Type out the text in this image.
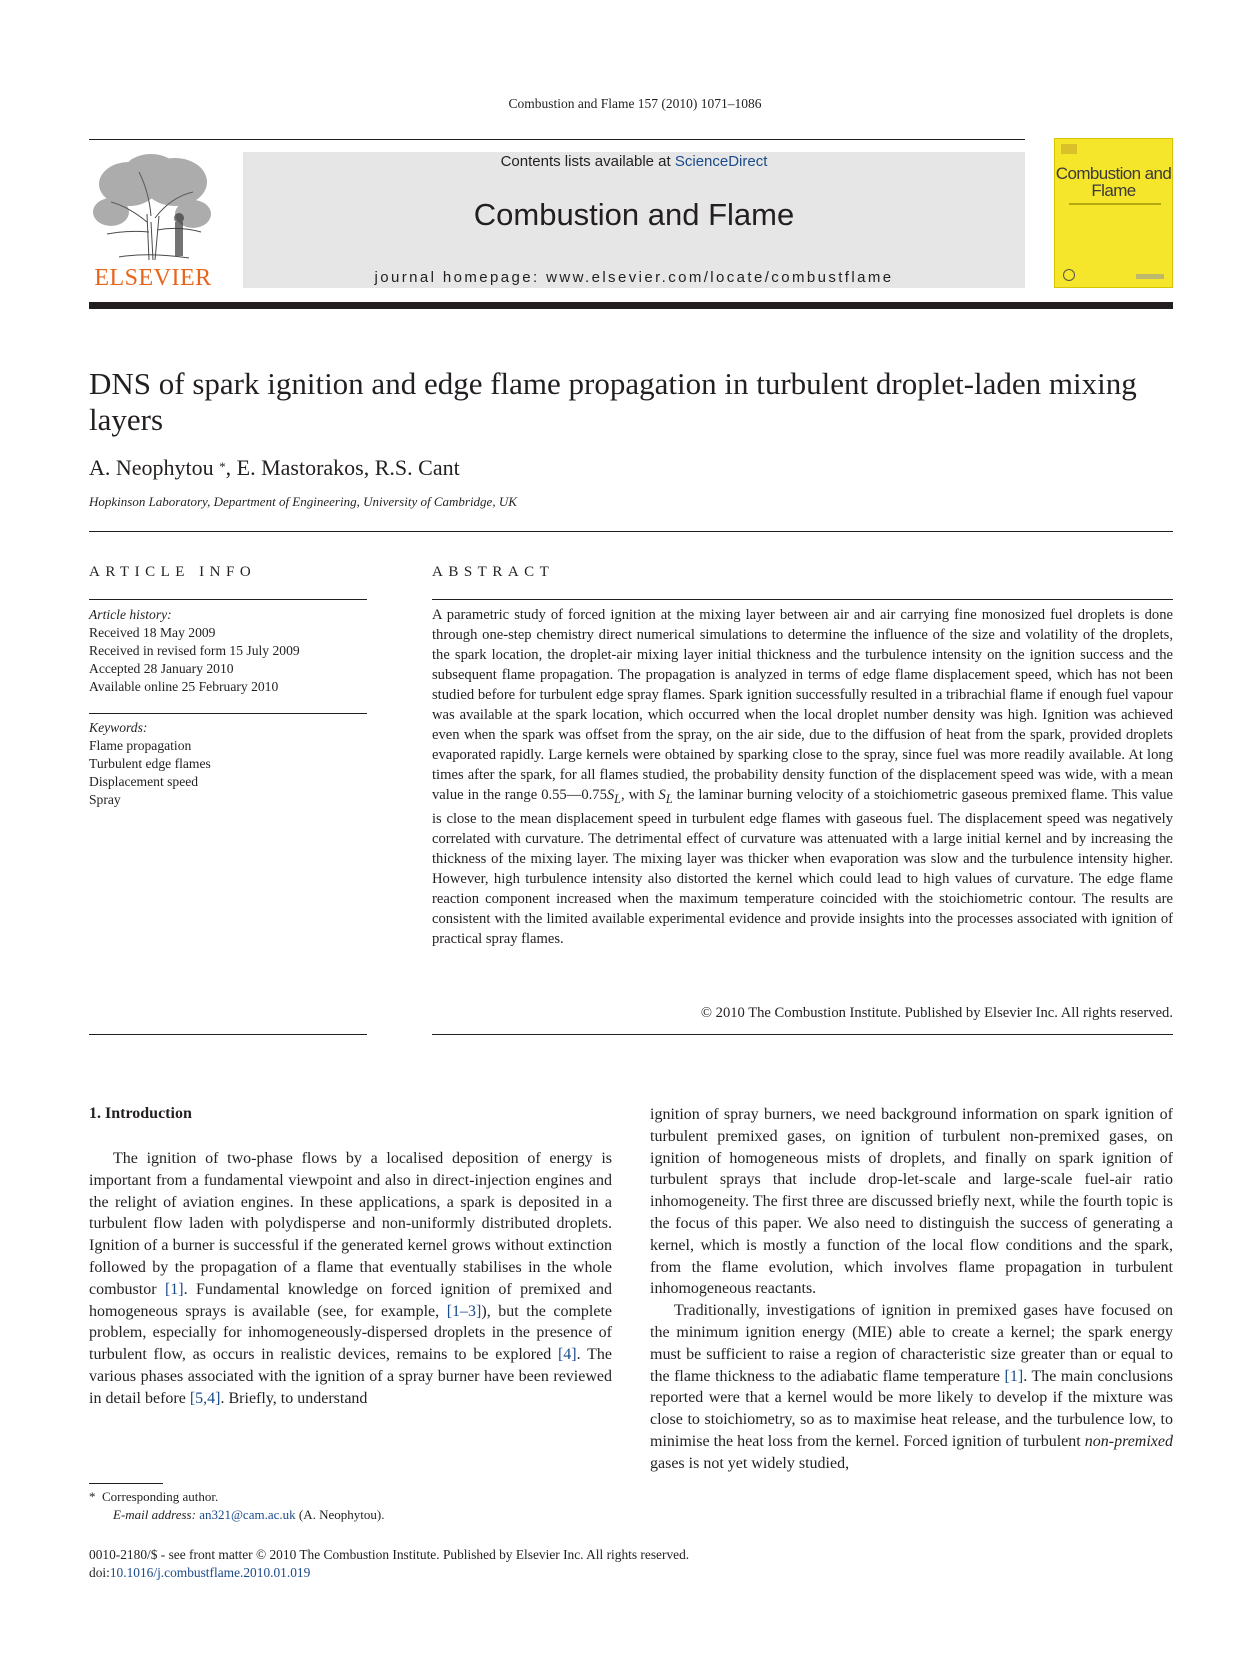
Combustion and Flame 157 (2010) 1071–1086
ELSEVIER
Contents lists available at ScienceDirect
Combustion and Flame
journal homepage: www.elsevier.com/locate/combustflame
Combustion and Flame
DNS of spark ignition and edge flame propagation in turbulent droplet-laden mixing layers
A. Neophytou *, E. Mastorakos, R.S. Cant
Hopkinson Laboratory, Department of Engineering, University of Cambridge, UK
ARTICLE INFO	ABSTRACT
Article history:
Received 18 May 2009
Received in revised form 15 July 2009
Accepted 28 January 2010
Available online 25 February 2010
Keywords:
Flame propagation
Turbulent edge flames
Displacement speed
Spray

A parametric study of forced ignition at the mixing layer between air and air carrying fine monosized fuel droplets is done through one-step chemistry direct numerical simulations to determine the influence of the size and volatility of the droplets, the spark location, the droplet-air mixing layer initial thickness and the turbulence intensity on the ignition success and the subsequent flame propagation. The propagation is analyzed in terms of edge flame displacement speed, which has not been studied before for turbulent edge spray flames. Spark ignition successfully resulted in a tribrachial flame if enough fuel vapour was available at the spark location, which occurred when the local droplet number density was high. Ignition was achieved even when the spark was offset from the spray, on the air side, due to the diffusion of heat from the spark, provided droplets evaporated rapidly. Large kernels were obtained by sparking close to the spray, since fuel was more readily available. At long times after the spark, for all flames studied, the probability density function of the displacement speed was wide, with a mean value in the range $0.55—0.75S_L$, with $S_L$ the laminar burning velocity of a stoichiometric gaseous premixed flame. This value is close to the mean displacement speed in turbulent edge flames with gaseous fuel. The displacement speed was negatively correlated with curvature. The detrimental effect of curvature was attenuated with a large initial kernel and by increasing the thickness of the mixing layer. The mixing layer was thicker when evaporation was slow and the turbulence intensity higher. However, high turbulence intensity also distorted the kernel which could lead to high values of curvature. The edge flame reaction component increased when the maximum temperature coincided with the stoichiometric contour. The results are consistent with the limited available experimental evidence and provide insights into the processes associated with ignition of practical spray flames.

© 2010 The Combustion Institute. Published by Elsevier Inc. All rights reserved.
1. Introduction

The ignition of two-phase flows by a localised deposition of energy is important from a fundamental viewpoint and also in direct-injection engines and the relight of aviation engines. In these applications, a spark is deposited in a turbulent flow laden with polydisperse and non-uniformly distributed droplets. Ignition of a burner is successful if the generated kernel grows without extinction followed by the propagation of a flame that eventually stabilises in the whole combustor [1]. Fundamental knowledge on forced ignition of premixed and homogeneous sprays is available (see, for example, [1–3]), but the complete problem, especially for inhomogeneously-dispersed droplets in the presence of turbulent flow, as occurs in realistic devices, remains to be explored [4]. The various phases associated with the ignition of a spray burner have been reviewed in detail before [5,4]. Briefly, to understand

ignition of spray burners, we need background information on spark ignition of turbulent premixed gases, on ignition of turbulent non-premixed gases, on ignition of homogeneous mists of droplets, and finally on spark ignition of turbulent sprays that include drop-let-scale and large-scale fuel-air ratio inhomogeneity. The first three are discussed briefly next, while the fourth topic is the focus of this paper. We also need to distinguish the success of generating a kernel, which is mostly a function of the local flow conditions and the spark, from the flame evolution, which involves flame propagation in turbulent inhomogeneous reactants.

Traditionally, investigations of ignition in premixed gases have focused on the minimum ignition energy (MIE) able to create a kernel; the spark energy must be sufficient to raise a region of characteristic size greater than or equal to the flame thickness to the adiabatic flame temperature [1]. The main conclusions reported were that a kernel would be more likely to develop if the mixture was close to stoichiometry, so as to maximise heat release, and the turbulence low, to minimise the heat loss from the kernel. Forced ignition of turbulent non-premixed gases is not yet widely studied,

* Corresponding author.
E-mail address: an321@cam.ac.uk (A. Neophytou).
0010-2180/$ - see front matter © 2010 The Combustion Institute. Published by Elsevier Inc. All rights reserved.
doi:10.1016/j.combustflame.2010.01.019
